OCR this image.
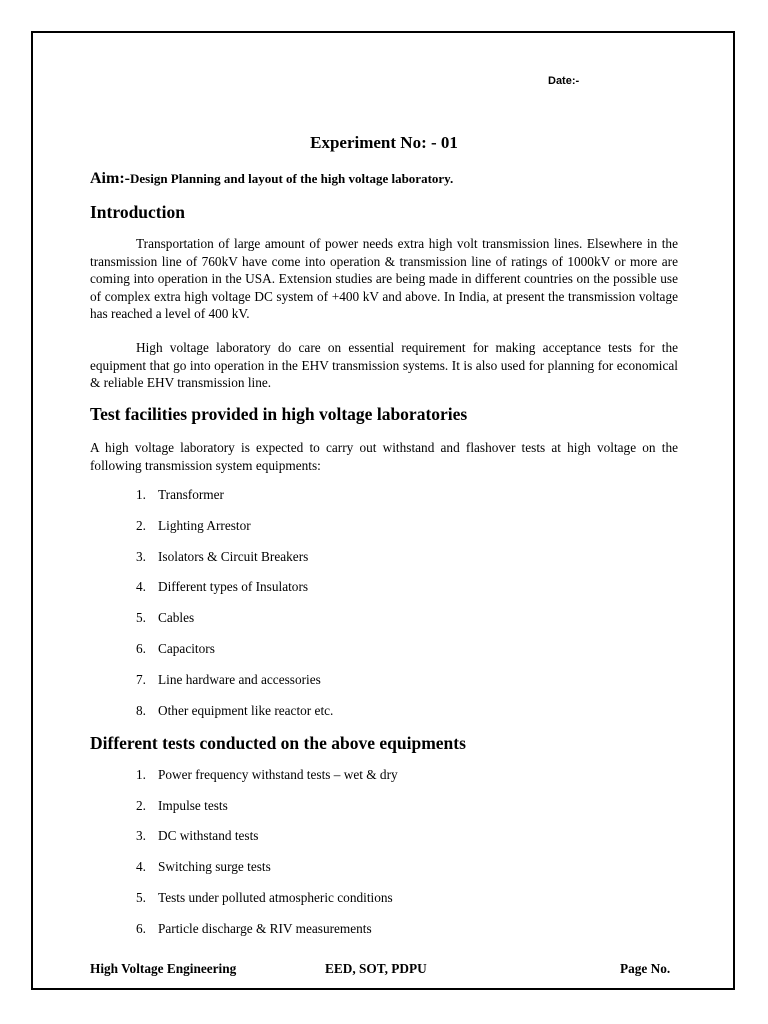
Date:-
Experiment No: - 01
Aim:-Design Planning and layout of the high voltage laboratory.
Introduction
Transportation of large amount of power needs extra high volt transmission lines. Elsewhere in the transmission line of 760kV have come into operation & transmission line of ratings of 1000kV or more are coming into operation in the USA. Extension studies are being made in different countries on the possible use of complex extra high voltage DC system of +400 kV and above. In India, at present the transmission voltage has reached a level of 400 kV.
High voltage laboratory do care on essential requirement for making acceptance tests for the equipment that go into operation in the EHV transmission systems. It is also used for planning for economical & reliable EHV transmission line.
Test facilities provided in high voltage laboratories
A high voltage laboratory is expected to carry out withstand and flashover tests at high voltage on the following transmission system equipments:
1. Transformer
2. Lighting Arrestor
3. Isolators & Circuit Breakers
4. Different types of Insulators
5. Cables
6. Capacitors
7. Line hardware and accessories
8. Other equipment like reactor etc.
Different tests conducted on the above equipments
1. Power frequency withstand tests – wet & dry
2. Impulse tests
3. DC withstand tests
4. Switching surge tests
5. Tests under polluted atmospheric conditions
6. Particle discharge & RIV measurements
High Voltage Engineering	EED, SOT, PDPU	Page No.
